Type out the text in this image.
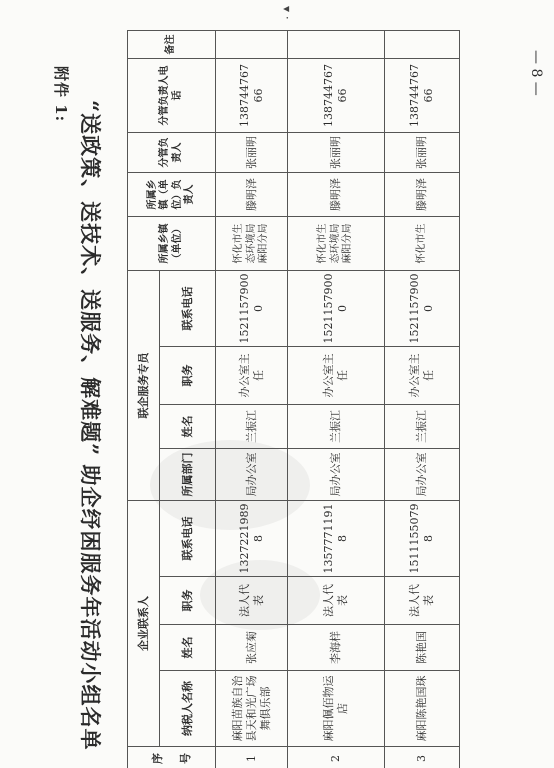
附件 1:
“送政策、送技术、送服务、解难题” 助企纾困服务年活动小组名单
▾ ·
— 8 —
序 号	企业联系人				联企服务专员				所属乡镇（单位）	所属乡镇（单位）负责人	分管负责人	分管负责人电话	备注
	纳税人名称	姓名	职务	联系电话	所属部门	姓名	职务	联系电话					
1	麻阳苗族自治县天和光广场舞俱乐部	张应菊	法人代表	13272219898	局办公室	兰振江	办公室主任	15211579000	怀化市生态环境局麻阳分局	滕明泽	张丽明	13874476766	
2	麻阳佩佰物运店	李海样	法人代表	13577711918	局办公室	兰振江	办公室主任	15211579000	怀化市生态环境局麻阳分局	滕明泽	张丽明	13874476766	
3	麻阳陈艳国珠	陈艳国	法人代表	15111550798	局办公室	兰振江	办公室主任	15211579000	怀化市生	滕明泽	张丽明	13874476766	
